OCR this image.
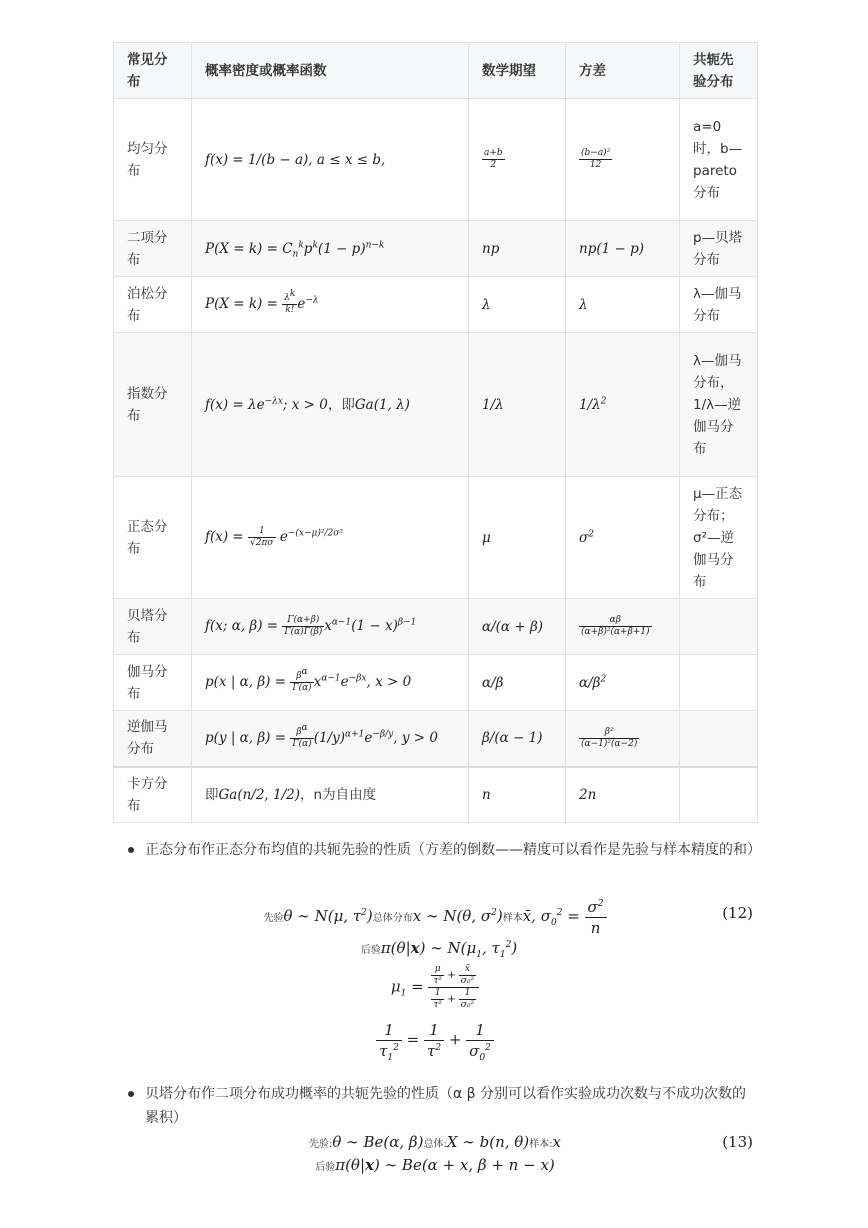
常见分布	概率密度或概率函数	数学期望	方差	共轭先验分布
均匀分布	f(x) = 1/(b − a), a ≤ x ≤ b,	$\frac{a+b}{2}$	$\frac{\text{(b−a)²}}{12}$	a=0时，b—pareto分布
二项分布	$P(X = k) = C_n^kp^k(1 - p)^{n-k}$	np	np(1 − p)	p—贝塔分布
泊松分布	$P(X = k) = \frac{\lambda^k}{k!} e^{-\lambda}$	λ	λ	λ—伽马分布
指数分布	$f(x) = \lambda e^{-\lambda x}$; x > 0，即Ga(1, λ)	1/λ	$1/\lambda^2$	λ—伽马分布，1/λ—逆伽马分布
正态分布	$f(x) = \frac{1}{√2\pi\sigma} e^{-(x-\mu)^2/2\sigma^2}$	μ	$\sigma^2$	μ—正态分布；σ²—逆伽马分布
贝塔分布	f(x; α, $\beta) = \frac{\Gamma(\alpha+\beta)}{\Gamma(\alpha)\Gamma(\beta)} x^{\alpha-1}(1 - x)^{\beta-1}$	α/(α + β)	$\frac{\alpha\beta}{\text{(α+β)²(α+β+1)}}$

伽马分布	p(x | α, $\beta) = \frac{\beta^\alpha}{\Gamma(\alpha)} x^{\alpha-1}e^{-\beta x}$, x > 0	α/β	$\alpha/\beta^2$	
逆伽马分布	p(y | α, $\beta) = \frac{\beta^\alpha}{\Gamma(\alpha)} (1/y)^{\alpha+1}e^{-\beta/y}$, y > 0	β/(α − 1)	$\frac{\text{β²}}{\text{(α−1)²(α−2)}}$

卡方分布	即Ga(n/2, 1/2)，n为自由度	n	2n	
正态分布作正态分布均值的共轭先验的性质（方差的倒数——精度可以看作是先验与样本精度的和）
先验θ ∼ N(μ, $\tau^2$)总体分布x ∼ N(θ, $\sigma^2$)样本x̄, $\sigma_0^2 = \frac{\sigma^2}{n}$	(12)
后验π(θ|x) ∼ $N(\mu_1$, $\tau_1^2$)
$\mu_1 = \frac{\frac{\mu}{\text{τ²}} + \frac{x̄}{\text{σ₀²}}}{\frac{1}{\text{τ²}} + \frac{1}{\text{σ₀²}}}$
$\frac{1}{\tau_1^2} = \frac{1}{\tau^2} + \frac{1}{\sigma_0^2}$
贝塔分布作二项分布成功概率的共轭先验的性质（α β 分别可以看作实验成功次数与不成功次数的累积）
先验:θ ∼ Be(α, β)总体:X ∼ b(n, θ)样本:x	(13)
后验π(θ|x) ∼ Be(α + x, β + n − x)
